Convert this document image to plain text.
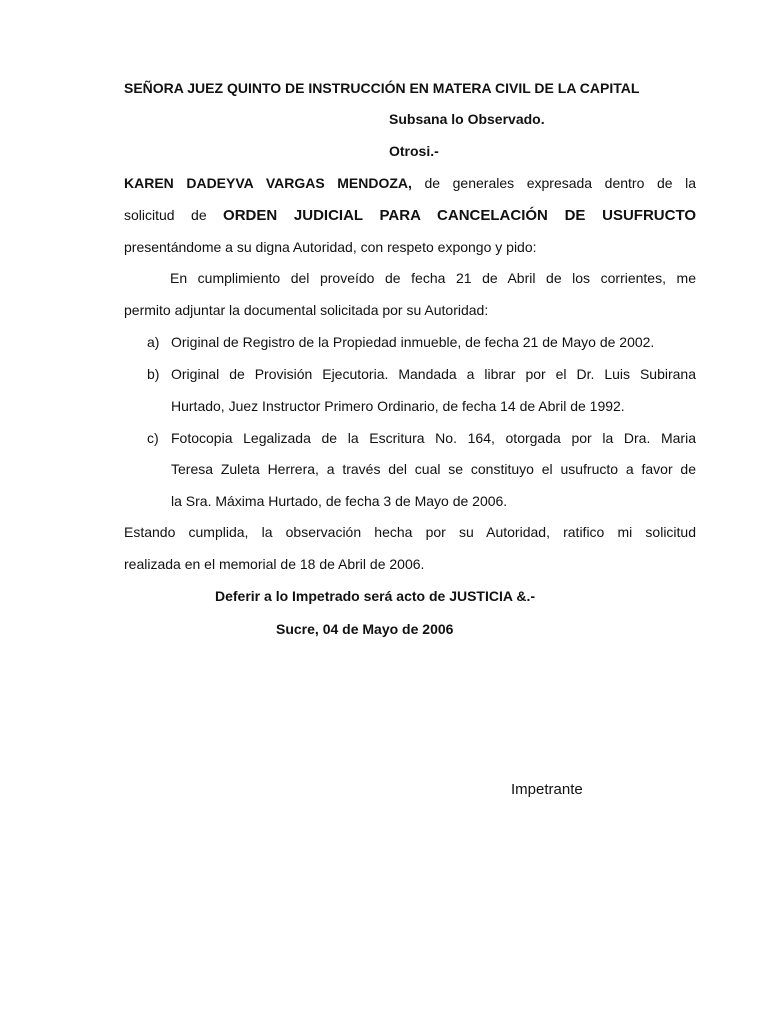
SEÑORA JUEZ QUINTO DE INSTRUCCIÓN EN MATERA CIVIL DE LA CAPITAL
Subsana lo Observado.
Otrosi.-
KAREN DADEYVA VARGAS MENDOZA, de generales expresada dentro de la
solicitud de ORDEN JUDICIAL PARA CANCELACIÓN DE USUFRUCTO
presentándome a su digna Autoridad, con respeto expongo y pido:
En cumplimiento del proveído de fecha 21 de Abril de los corrientes, me
permito adjuntar la documental solicitada por su Autoridad:
a) Original de Registro de la Propiedad inmueble, de fecha 21 de Mayo de 2002.
b) Original de Provisión Ejecutoria. Mandada a librar por el Dr. Luis Subirana
Hurtado, Juez Instructor Primero Ordinario, de fecha 14 de Abril de 1992.
c) Fotocopia Legalizada de la Escritura No. 164, otorgada por la Dra. Maria
Teresa Zuleta Herrera, a través del cual se constituyo el usufructo a favor de
la Sra. Máxima Hurtado, de fecha 3 de Mayo de 2006.
Estando cumplida, la observación hecha por su Autoridad, ratifico mi solicitud
realizada en el memorial de 18 de Abril de 2006.
Deferir a lo Impetrado será acto de JUSTICIA &.-
Sucre, 04 de Mayo de 2006
Impetrante
